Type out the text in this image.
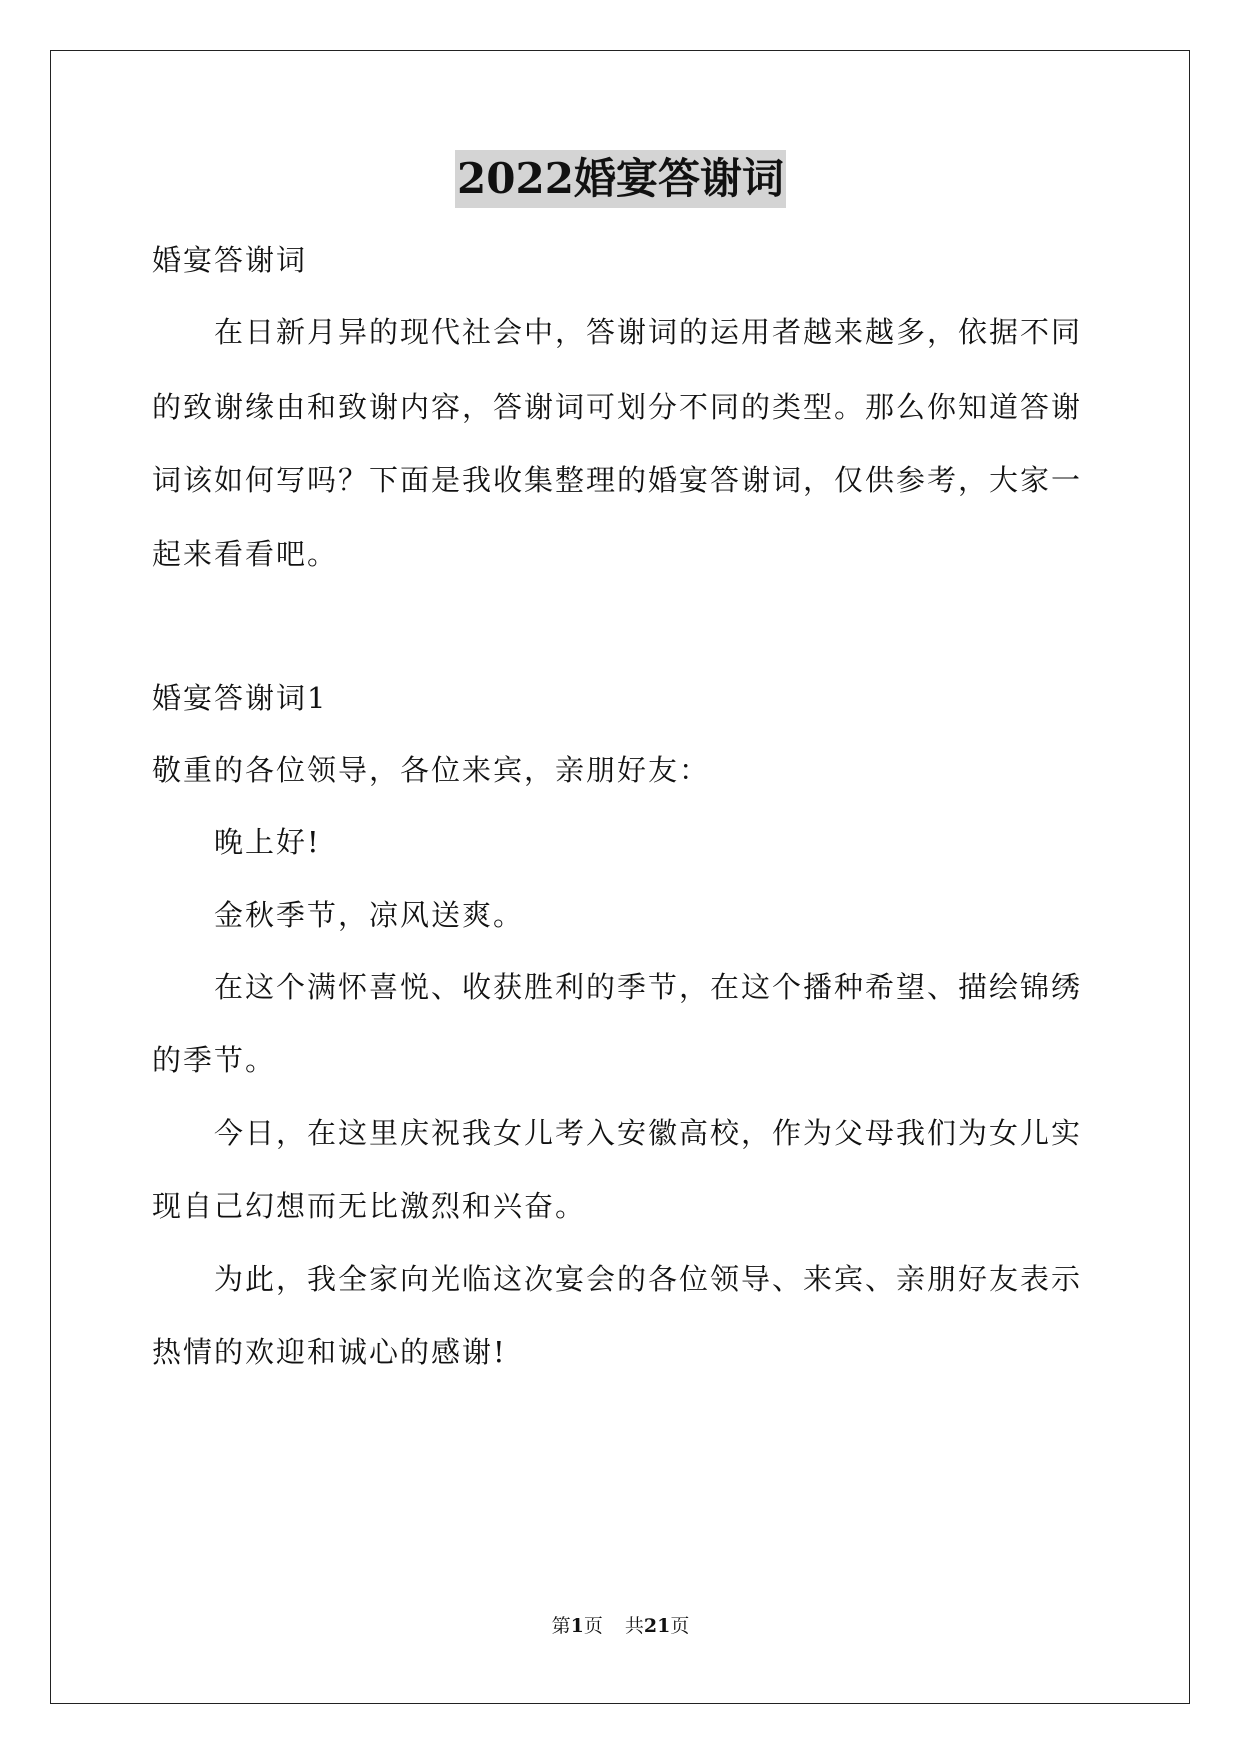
2022婚宴答谢词
婚宴答谢词
在日新月异的现代社会中，答谢词的运用者越来越多，依据不同
的致谢缘由和致谢内容，答谢词可划分不同的类型。那么你知道答谢
词该如何写吗？下面是我收集整理的婚宴答谢词，仅供参考，大家一
起来看看吧。
婚宴答谢词1
敬重的各位领导，各位来宾，亲朋好友：
晚上好!
金秋季节，凉风送爽。
在这个满怀喜悦、收获胜利的季节，在这个播种希望、描绘锦绣
的季节。
今日，在这里庆祝我女儿考入安徽高校，作为父母我们为女儿实
现自己幻想而无比激烈和兴奋。
为此，我全家向光临这次宴会的各位领导、来宾、亲朋好友表示
热情的欢迎和诚心的感谢!
第1页 共21页
